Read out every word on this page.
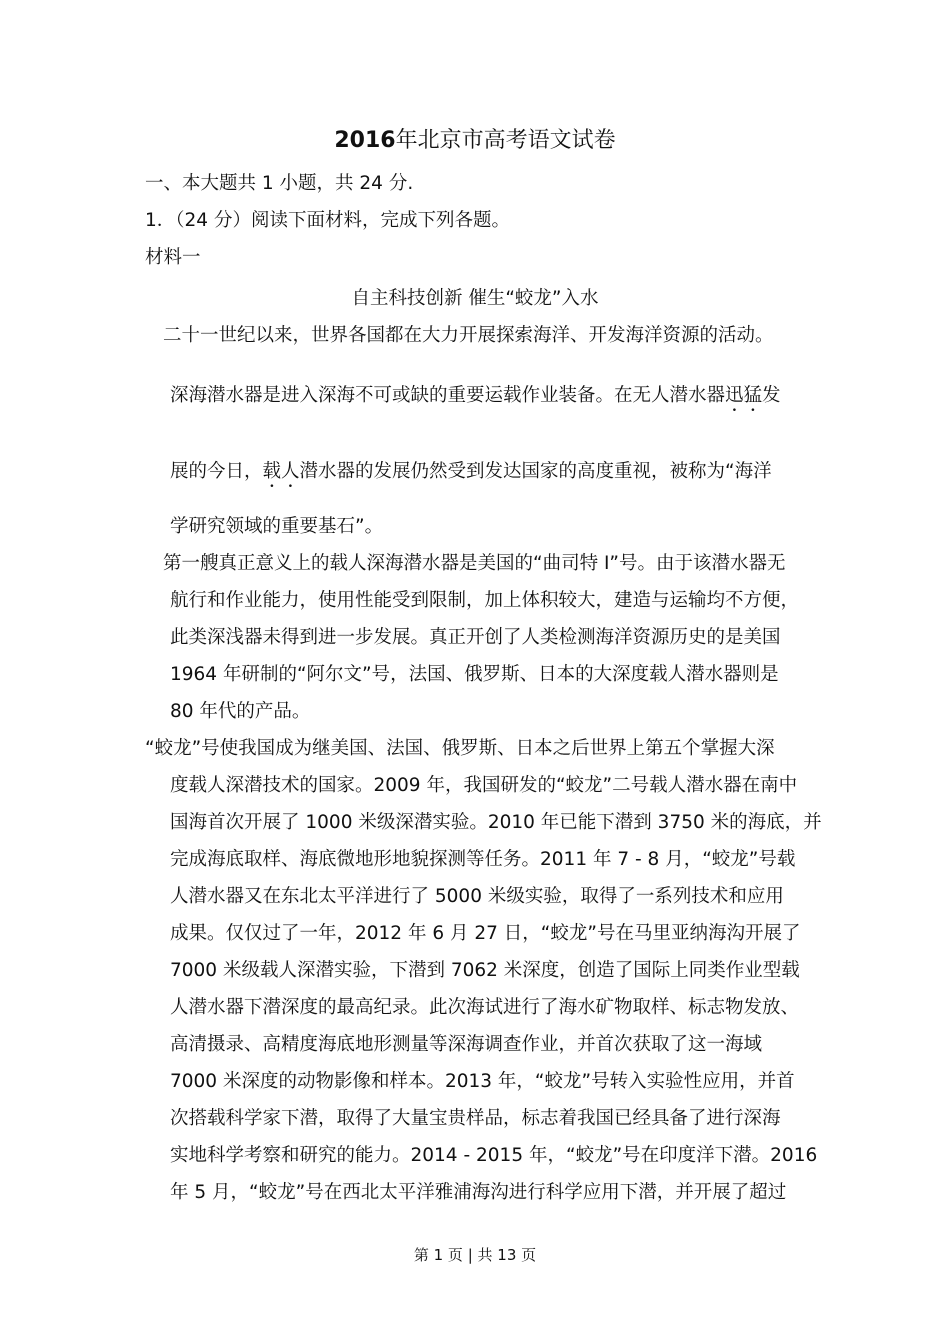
2016年北京市高考语文试卷
一、本大题共 1 小题，共 24 分.
1．（24 分）阅读下面材料，完成下列各题。
材料一
自主科技创新 催生“蛟龙”入水
二十一世纪以来，世界各国都在大力开展探索海洋、开发海洋资源的活动。
深海潜水器是进入深海不可或缺的重要运载作业装备。在无人潜水器迅猛发
展的今日，载人潜水器的发展仍然受到发达国家的高度重视，被称为“海洋
学研究领域的重要基石”。
第一艘真正意义上的载人深海潜水器是美国的“曲司特 I”号。由于该潜水器无
航行和作业能力，使用性能受到限制，加上体积较大，建造与运输均不方便，
此类深浅器未得到进一步发展。真正开创了人类检测海洋资源历史的是美国
1964 年研制的“阿尔文”号，法国、俄罗斯、日本的大深度载人潜水器则是
80 年代的产品。
“蛟龙”号使我国成为继美国、法国、俄罗斯、日本之后世界上第五个掌握大深
度载人深潜技术的国家。2009 年，我国研发的“蛟龙”二号载人潜水器在南中
国海首次开展了 1000 米级深潜实验。2010 年已能下潜到 3750 米的海底，并
完成海底取样、海底微地形地貌探测等任务。2011 年 7 - 8 月，“蛟龙”号载
人潜水器又在东北太平洋进行了 5000 米级实验，取得了一系列技术和应用
成果。仅仅过了一年，2012 年 6 月 27 日，“蛟龙”号在马里亚纳海沟开展了
7000 米级载人深潜实验，下潜到 7062 米深度，创造了国际上同类作业型载
人潜水器下潜深度的最高纪录。此次海试进行了海水矿物取样、标志物发放、
高清摄录、高精度海底地形测量等深海调查作业，并首次获取了这一海域
7000 米深度的动物影像和样本。2013 年，“蛟龙”号转入实验性应用，并首
次搭载科学家下潜，取得了大量宝贵样品，标志着我国已经具备了进行深海
实地科学考察和研究的能力。2014 - 2015 年，“蛟龙”号在印度洋下潜。2016
年 5 月，“蛟龙”号在西北太平洋雅浦海沟进行科学应用下潜，并开展了超过
第 1 页 | 共 13 页
